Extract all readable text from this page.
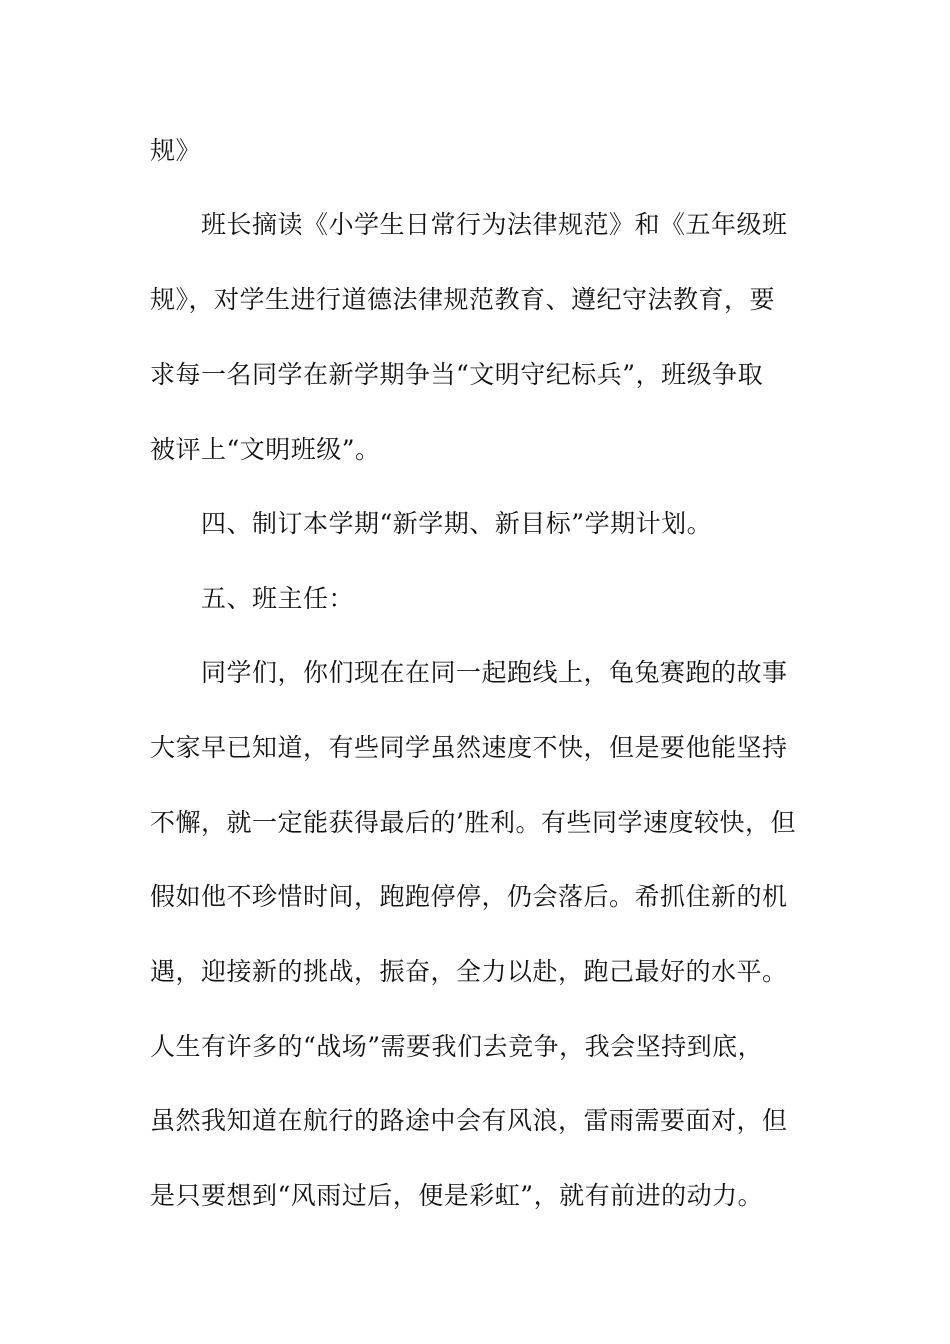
规》
班长摘读《小学生日常行为法律规范》和《五年级班
规》，对学生进行道德法律规范教育、遵纪守法教育，要
求每一名同学在新学期争当“文明守纪标兵”，班级争取
被评上“文明班级”。
四、制订本学期“新学期、新目标”学期计划。
五、班主任：
同学们，你们现在在同一起跑线上，龟兔赛跑的故事
大家早已知道，有些同学虽然速度不快，但是要他能坚持
不懈，就一定能获得最后的’胜利。有些同学速度较快，但
假如他不珍惜时间，跑跑停停，仍会落后。希抓住新的机
遇，迎接新的挑战，振奋，全力以赴，跑己最好的水平。
人生有许多的“战场”需要我们去竞争，我会坚持到底，
虽然我知道在航行的路途中会有风浪，雷雨需要面对，但
是只要想到“风雨过后，便是彩虹”，就有前进的动力。
